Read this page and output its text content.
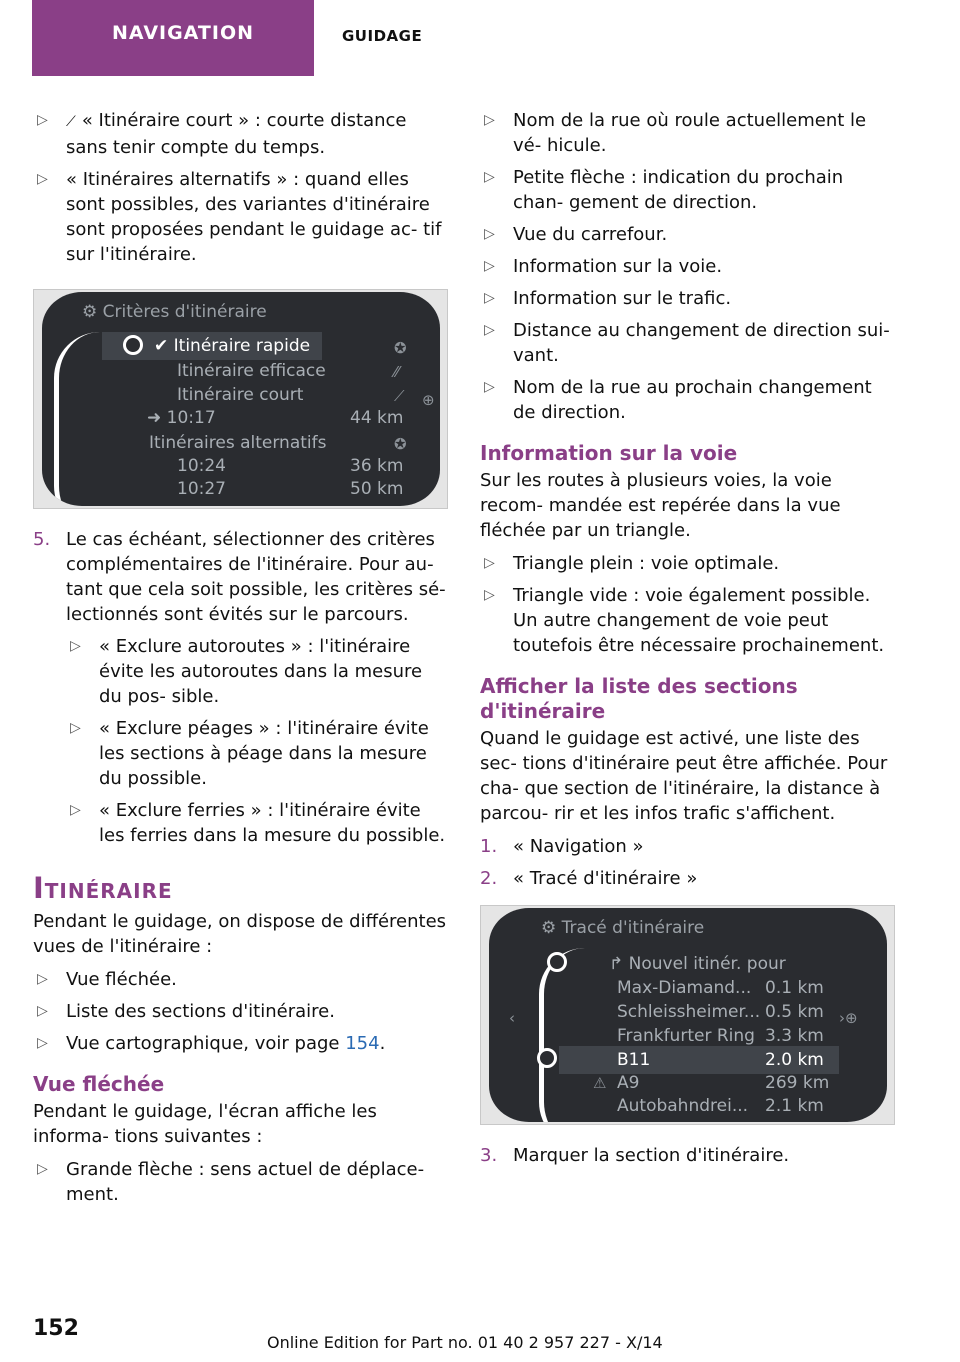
NAVIGATION	GUIDAGE
▷ ⟋ « Itinéraire court » : courte distance sans tenir compte du temps.
▷ « Itinéraires alternatifs » : quand elles sont possibles, des variantes d'itinéraire sont proposées pendant le guidage ac- tif sur l'itinéraire.
⚙ Critères d'itinéraire
✔ Itinéraire rapide
Itinéraire efficace
Itinéraire court
➜ 10:17	44 km
Itinéraires alternatifs
10:24	36 km
10:27	50 km
✪
⁄⁄
⟋
✪
⊕
5. Le cas échéant, sélectionner des critères complémentaires de l'itinéraire. Pour au- tant que cela soit possible, les critères sé- lectionnés sont évités sur le parcours.
▷ « Exclure autoroutes » : l'itinéraire évite les autoroutes dans la mesure du pos- sible.
▷ « Exclure péages » : l'itinéraire évite les sections à péage dans la mesure du possible.
▷ « Exclure ferries » : l'itinéraire évite les ferries dans la mesure du possible.
Itinéraire
Pendant le guidage, on dispose de différentes vues de l'itinéraire :
▷ Vue fléchée.
▷ Liste des sections d'itinéraire.
▷ Vue cartographique, voir page 154.
Vue fléchée
Pendant le guidage, l'écran affiche les informa- tions suivantes :
▷ Grande flèche : sens actuel de déplace- ment.
▷ Nom de la rue où roule actuellement le vé- hicule.
▷ Petite flèche : indication du prochain chan- gement de direction.
▷ Vue du carrefour.
▷ Information sur la voie.
▷ Information sur le trafic.
▷ Distance au changement de direction sui- vant.
▷ Nom de la rue au prochain changement de direction.
Information sur la voie
Sur les routes à plusieurs voies, la voie recom- mandée est repérée dans la vue fléchée par un triangle.
▷ Triangle plein : voie optimale.
▷ Triangle vide : voie également possible. Un autre changement de voie peut toutefois être nécessaire prochainement.
Afficher la liste des sections d'itinéraire
Quand le guidage est activé, une liste des sec- tions d'itinéraire peut être affichée. Pour cha- que section de l'itinéraire, la distance à parcou- rir et les infos trafic s'affichent.
1. « Navigation »
2. « Tracé d'itinéraire »
⚙ Tracé d'itinéraire
↱ Nouvel itinér. pour
Max-Diamand... 0.1 km
Schleissheimer... 0.5 km
Frankfurter Ring 3.3 km
B11	2.0 km
A9	269 km
Autobahndrei... 2.1 km
‹	›⊕
⚠
3. Marquer la section d'itinéraire.
152
Online Edition for Part no. 01 40 2 957 227 - X/14
